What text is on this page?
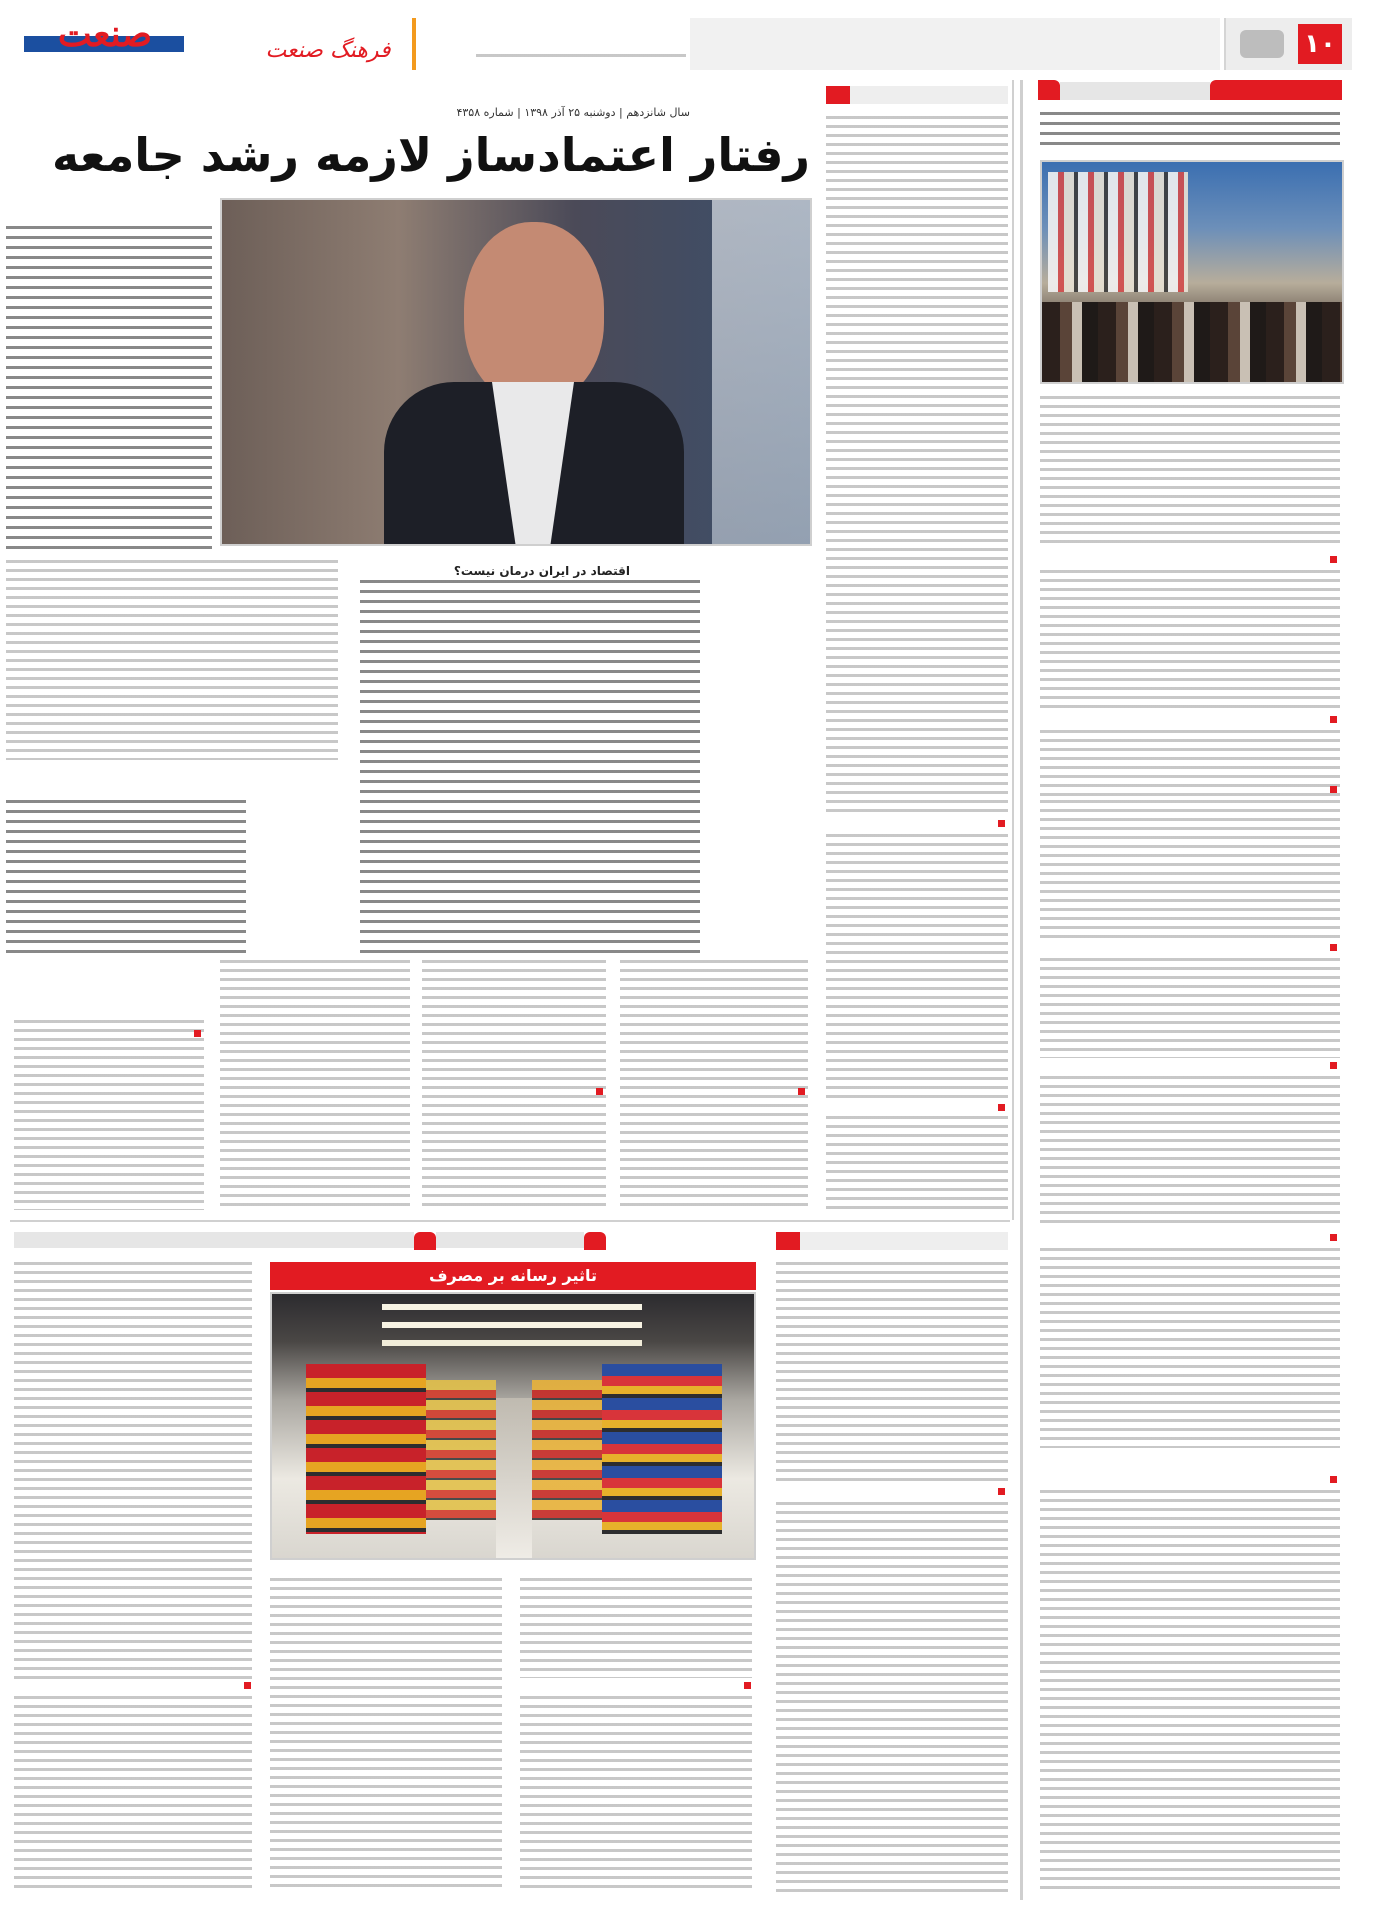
صنعت	فرهنگ صنعت	۱۰
سال شانزدهم | دوشنبه ۲۵ آذر ۱۳۹۸ | شماره ۴۳۵۸
رفتار اعتمادساز لازمه رشد جامعه
اقتصاد در ایران درمان نیست؟
تاثیر رسانه بر مصرف
